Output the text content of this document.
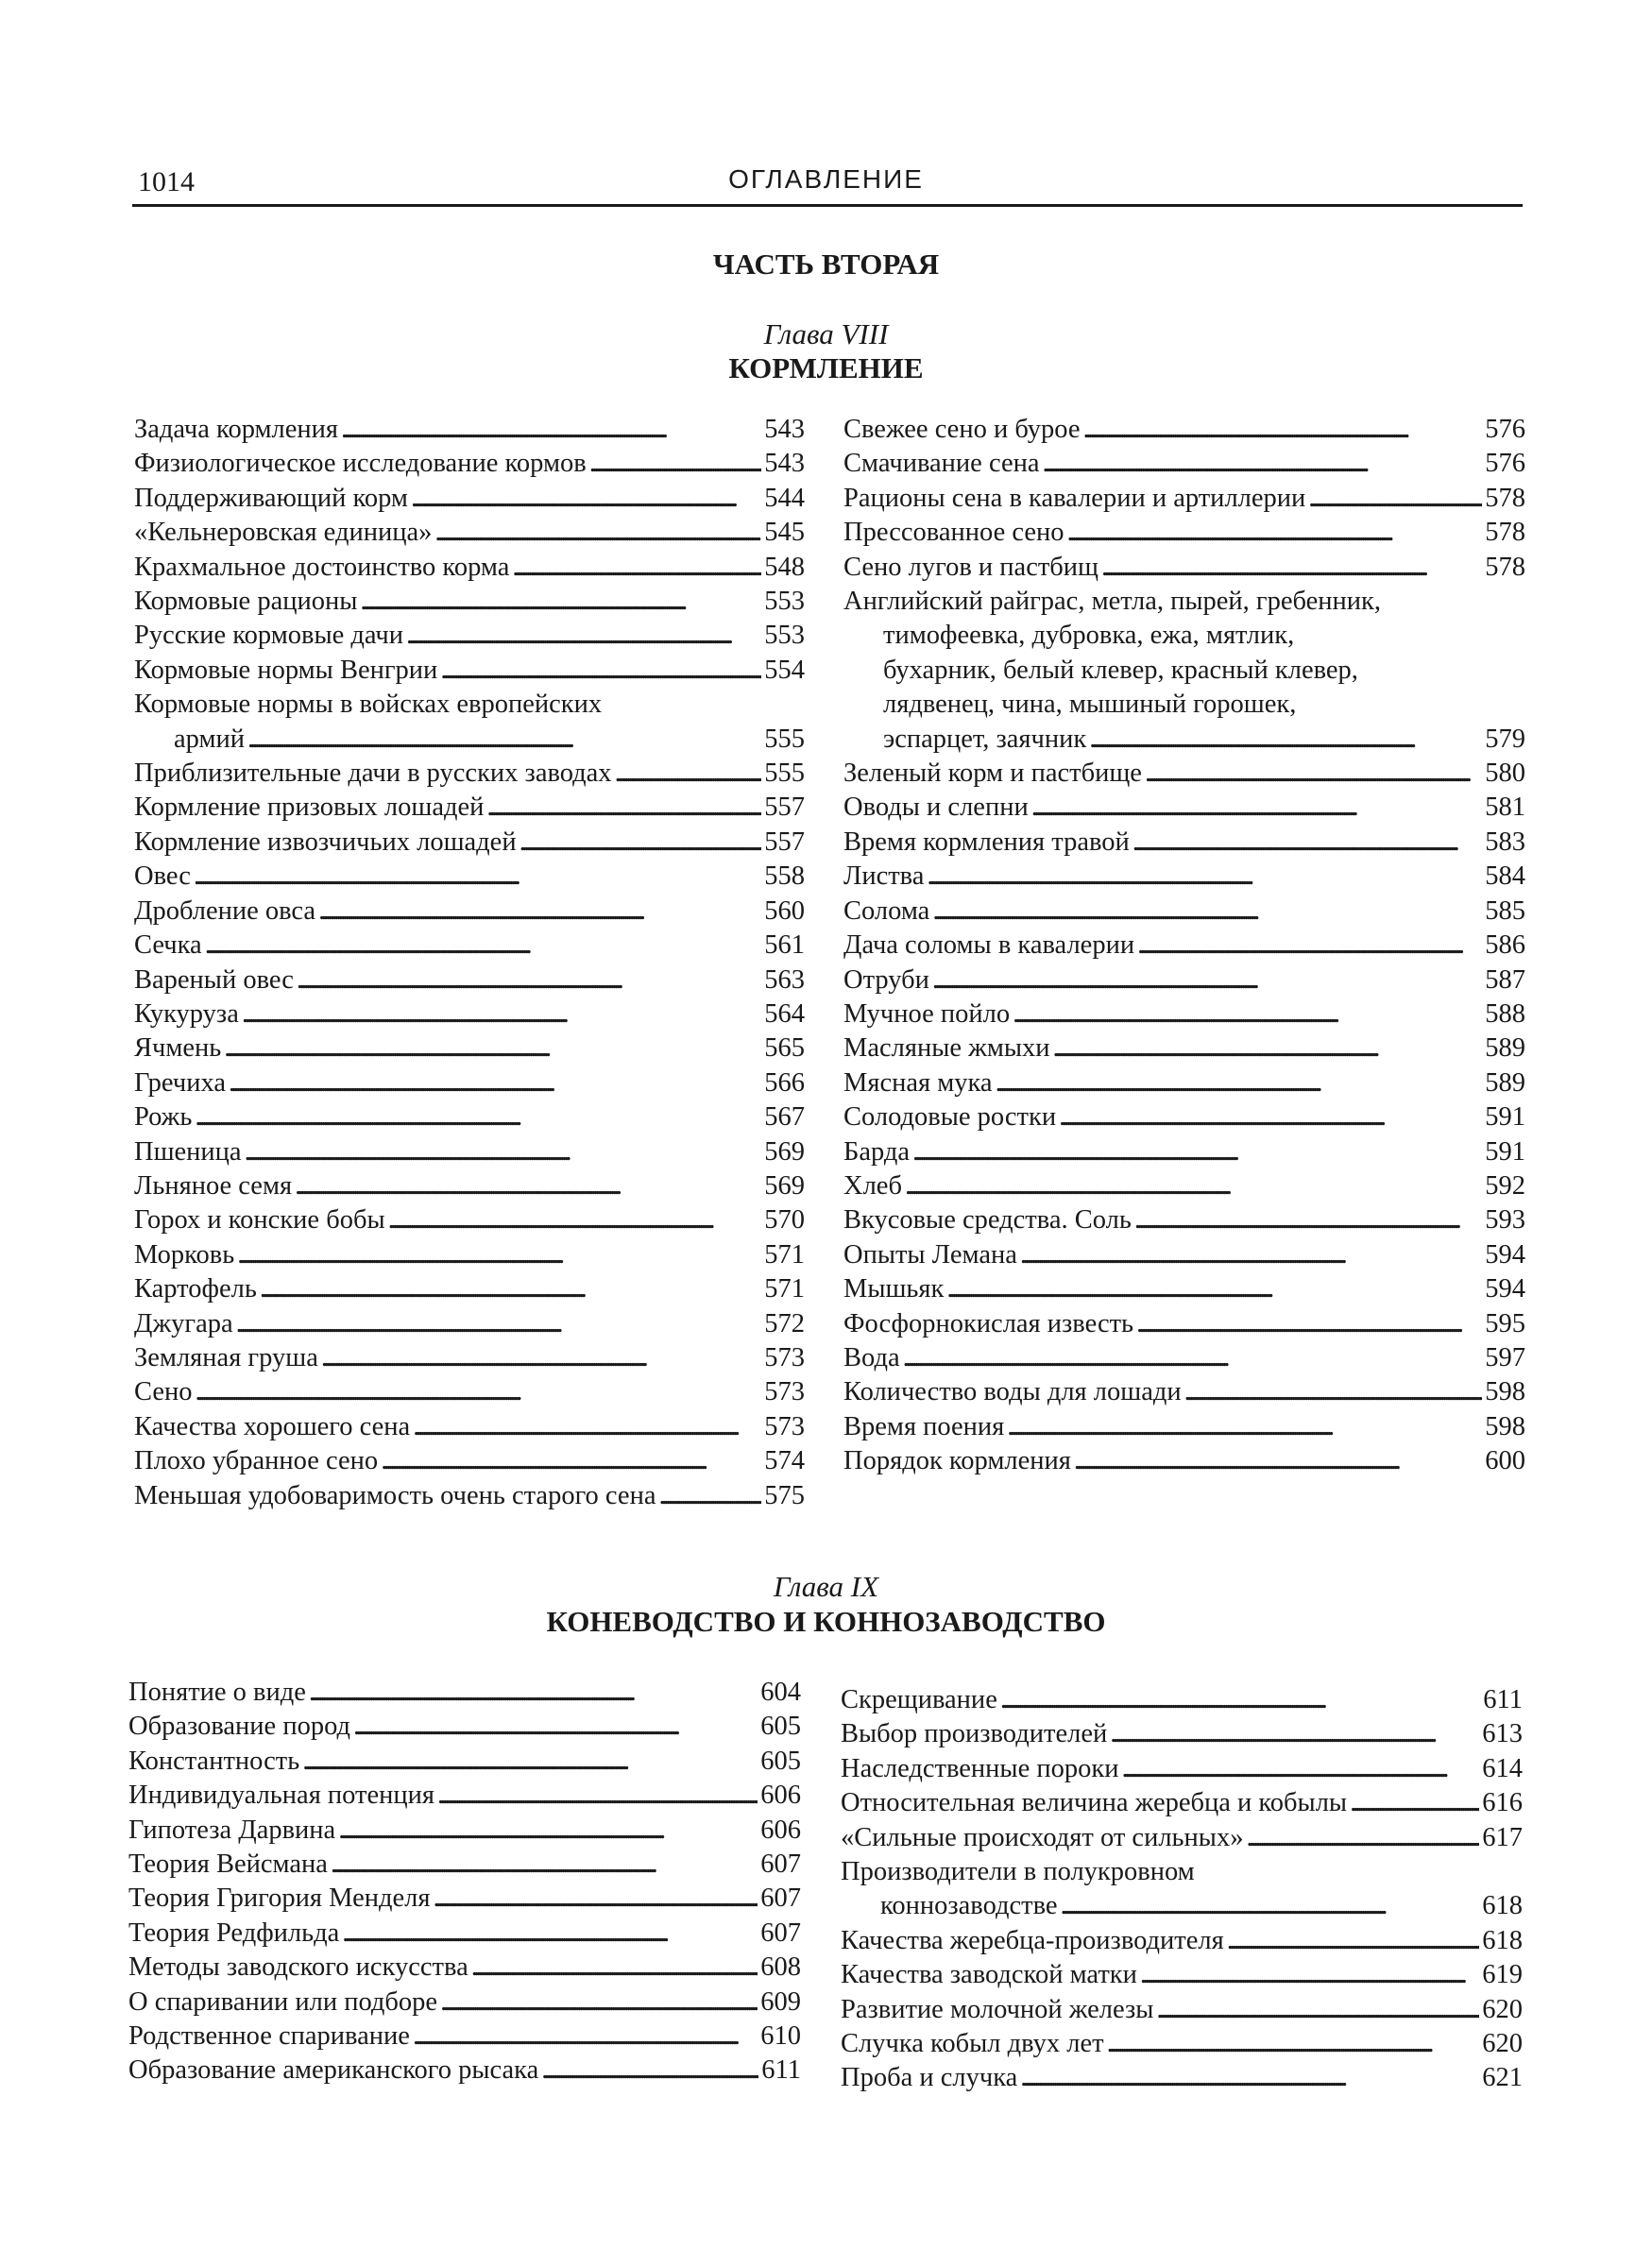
1014	ОГЛАВЛЕНИЕ
ЧАСТЬ ВТОРАЯ
Глава VIII
КОРМЛЕНИЕ
Задача кормления . . .	543
Физиологическое исследование кормов . . .	543
Поддерживающий корм . . .	544
«Кельнеровская единица» . . .	545
Крахмальное достоинство корма . . .	548
Кормовые рационы . . .	553
Русские кормовые дачи . . .	553
Кормовые нормы Венгрии . . .	554
Кормовые нормы в войсках европейских
армий . . .	555
Приблизительные дачи в русских заводах . . .	555
Кормление призовых лошадей . . .	557
Кормление извозчичьих лошадей . . .	557
Овес . . .	558
Дробление овса . . .	560
Сечка . . .	561
Вареный овес . . .	563
Кукуруза . . .	564
Ячмень . . .	565
Гречиха . . .	566
Рожь . . .	567
Пшеница . . .	569
Льняное семя . . .	569
Горох и конские бобы . . .	570
Морковь . . .	571
Картофель . . .	571
Джугара . . .	572
Земляная груша . . .	573
Сено . . .	573
Качества хорошего сена . . .	573
Плохо убранное сено . . .	574
Меньшая удобоваримость очень старого сена . . .	575
Свежее сено и бурое . . .	576
Смачивание сена . . .	576
Рационы сена в кавалерии и артиллерии . . .	578
Прессованное сено . . .	578
Сено лугов и пастбищ . . .	578
Английский райграс, метла, пырей, гребенник,
тимофеевка, дубровка, ежа, мятлик,
бухарник, белый клевер, красный клевер,
лядвенец, чина, мышиный горошек,
эспарцет, заячник . . .	579
Зеленый корм и пастбище . . .	580
Оводы и слепни . . .	581
Время кормления травой . . .	583
Листва . . .	584
Солома . . .	585
Дача соломы в кавалерии . . .	586
Отруби . . .	587
Мучное пойло . . .	588
Масляные жмыхи . . .	589
Мясная мука . . .	589
Солодовые ростки . . .	591
Барда . . .	591
Хлеб . . .	592
Вкусовые средства. Соль . . .	593
Опыты Лемана . . .	594
Мышьяк . . .	594
Фосфорнокислая известь . . .	595
Вода . . .	597
Количество воды для лошади . . .	598
Время поения . . .	598
Порядок кормления . . .	600
Глава IX
КОНЕВОДСТВО И КОННОЗАВОДСТВО
Понятие о виде . . .	604
Образование пород . . .	605
Константность . . .	605
Индивидуальная потенция . . .	606
Гипотеза Дарвина . . .	606
Теория Вейсмана . . .	607
Теория Григория Менделя . . .	607
Теория Редфильда . . .	607
Методы заводского искусства . . .	608
О спаривании или подборе . . .	609
Родственное спаривание . . .	610
Образование американского рысака . . .	611
Скрещивание . . .	611
Выбор производителей . . .	613
Наследственные пороки . . .	614
Относительная величина жеребца и кобылы . . .	616
«Сильные происходят от сильных» . . .	617
Производители в полукровном
коннозаводстве . . .	618
Качества жеребца-производителя . . .	618
Качества заводской матки . . .	619
Развитие молочной железы . . .	620
Случка кобыл двух лет . . .	620
Проба и случка . . .	621
